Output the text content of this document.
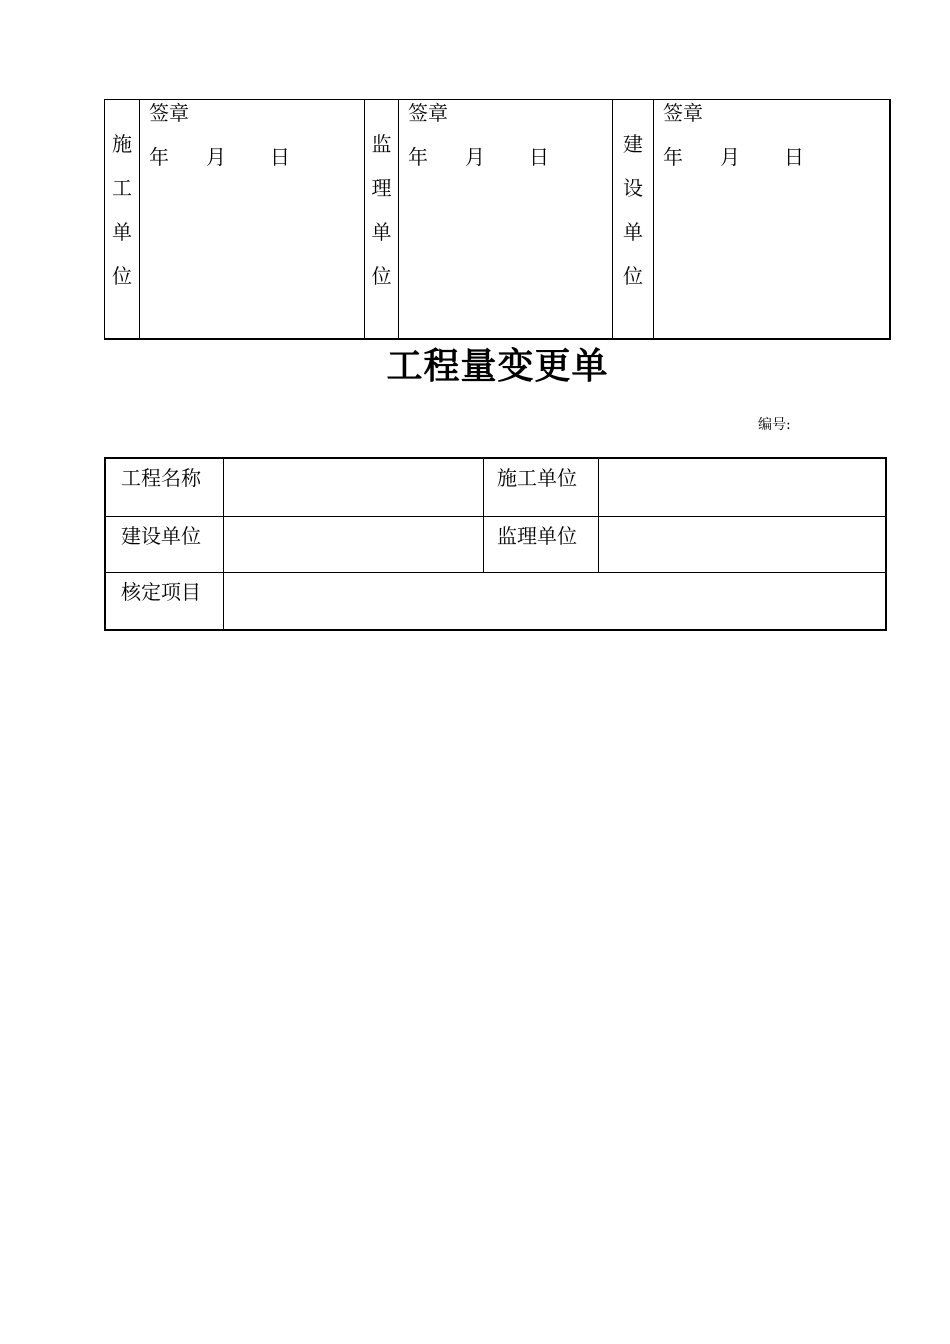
施
工
单
位
签章
年 月 日
监
理
单
位
签章
年 月 日
建
设
单
位
签章
年 月 日
工程量变更单
编号:
工程名称	施工单位
建设单位	监理单位
核定项目
